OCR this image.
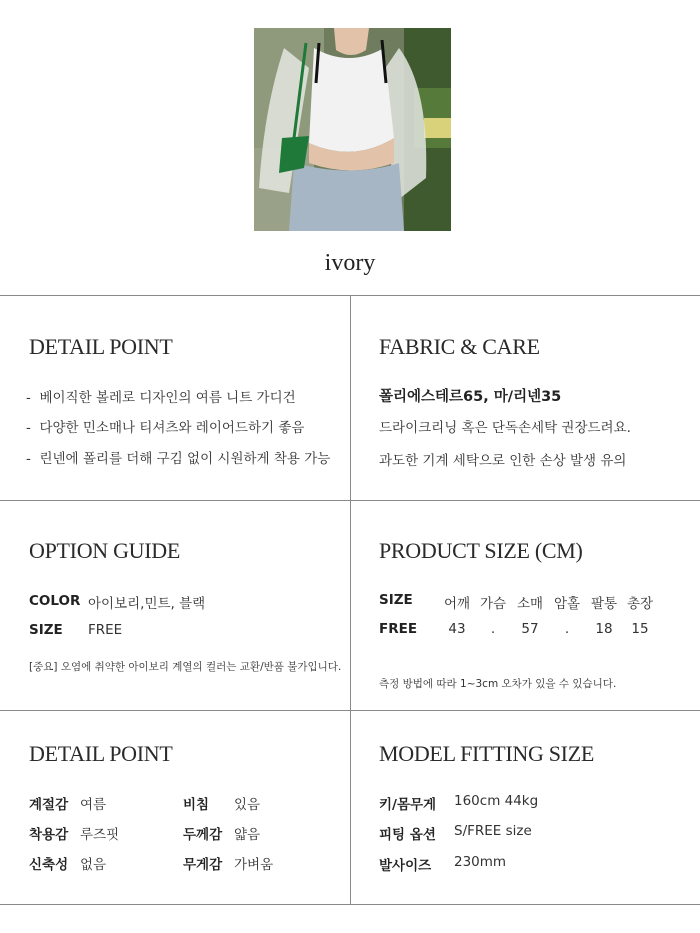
ivory
DETAIL POINT
-  베이직한 볼레로 디자인의 여름 니트 가디건
-  다양한 민소매나 티셔츠와 레이어드하기 좋음
-  린넨에 폴리를 더해 구김 없이 시원하게 착용 가능
FABRIC & CARE
폴리에스테르65, 마/리넨35
드라이크리닝 혹은 단독손세탁 권장드려요.
과도한 기계 세탁으로 인한 손상 발생 유의
OPTION GUIDE
COLOR 아이보리,민트, 블랙
SIZE FREE
[중요] 오염에 취약한 아이보리 계열의 컬러는 교환/반품 불가입니다.
PRODUCT SIZE (CM)
SIZE 어깨 가슴 소매 암홀 팔통 총장
FREE	43	.	57	.	18	15
측정 방법에 따라 1~3cm 오차가 있을 수 있습니다.
DETAIL POINT
계절감 여름	비침 있음
착용감 루즈핏	두께감 얇음
신축성 없음	무게감 가벼움
MODEL FITTING SIZE
키/몸무게 160cm 44kg
피팅 옵션 S/FREE size
발사이즈 230mm
